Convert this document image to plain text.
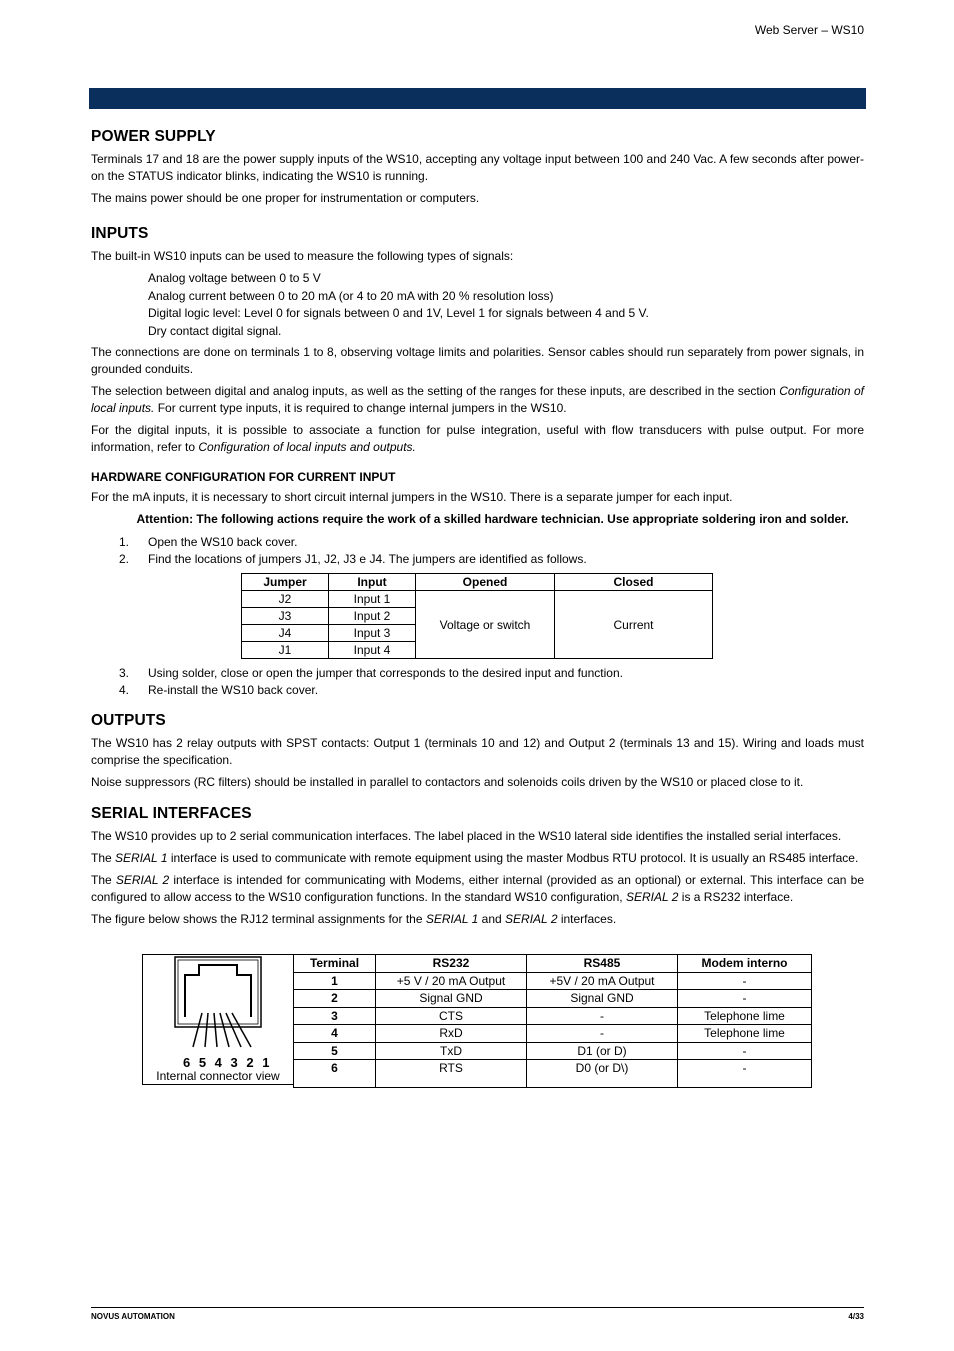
Web Server – WS10
POWER SUPPLY

Terminals 17 and 18 are the power supply inputs of the WS10, accepting any voltage input between 100 and 240 Vac. A few seconds after power-on the STATUS indicator blinks, indicating the WS10 is running.

The mains power should be one proper for instrumentation or computers.

INPUTS

The built-in WS10 inputs can be used to measure the following types of signals:

Analog voltage between 0 to 5 V
Analog current between 0 to 20 mA (or 4 to 20 mA with 20 % resolution loss)
Digital logic level: Level 0 for signals between 0 and 1V, Level 1 for signals between 4 and 5 V.
Dry contact digital signal.

The connections are done on terminals 1 to 8, observing voltage limits and polarities. Sensor cables should run separately from power signals, in grounded conduits.

The selection between digital and analog inputs, as well as the setting of the ranges for these inputs, are described in the section Configuration of local inputs. For current type inputs, it is required to change internal jumpers in the WS10.

For the digital inputs, it is possible to associate a function for pulse integration, useful with flow transducers with pulse output. For more information, refer to Configuration of local inputs and outputs.

HARDWARE CONFIGURATION FOR CURRENT INPUT

For the mA inputs, it is necessary to short circuit internal jumpers in the WS10. There is a separate jumper for each input.

Attention: The following actions require the work of a skilled hardware technician. Use appropriate soldering iron and solder.
1. Open the WS10 back cover.
2. Find the locations of jumpers J1, J2, J3 e J4. The jumpers are identified as follows.
Jumper	Input	Opened	Closed
J2	Input 1	Voltage or switch	Current
J3	Input 2		
J4	Input 3		
J1	Input 4		
3. Using solder, close or open the jumper that corresponds to the desired input and function.
4. Re-install the WS10 back cover.
OUTPUTS

The WS10 has 2 relay outputs with SPST contacts: Output 1 (terminals 10 and 12) and Output 2 (terminals 13 and 15). Wiring and loads must comprise the specification.

Noise suppressors (RC filters) should be installed in parallel to contactors and solenoids coils driven by the WS10 or placed close to it.

SERIAL INTERFACES

The WS10 provides up to 2 serial communication interfaces. The label placed in the WS10 lateral side identifies the installed serial interfaces.

The SERIAL 1 interface is used to communicate with remote equipment using the master Modbus RTU protocol. It is usually an RS485 interface.

The SERIAL 2 interface is intended for communicating with Modems, either internal (provided as an optional) or external. This interface can be configured to allow access to the WS10 configuration functions. In the standard WS10 configuration, SERIAL 2 is a RS232 interface.

The figure below shows the RJ12 terminal assignments for the SERIAL 1 and SERIAL 2 interfaces.

6 5 4 3 2 1
Internal connector view
Terminal	RS232	RS485	Modem interno
1	+5 V / 20 mA Output	+5V / 20 mA Output	-
2	Signal GND	Signal GND	-
3	CTS	-	Telephone lime
4	RxD	-	Telephone lime
5	TxD	D1 (or D)	-
6	RTS	D0 (or D\)	-
NOVUS AUTOMATION	4/33
